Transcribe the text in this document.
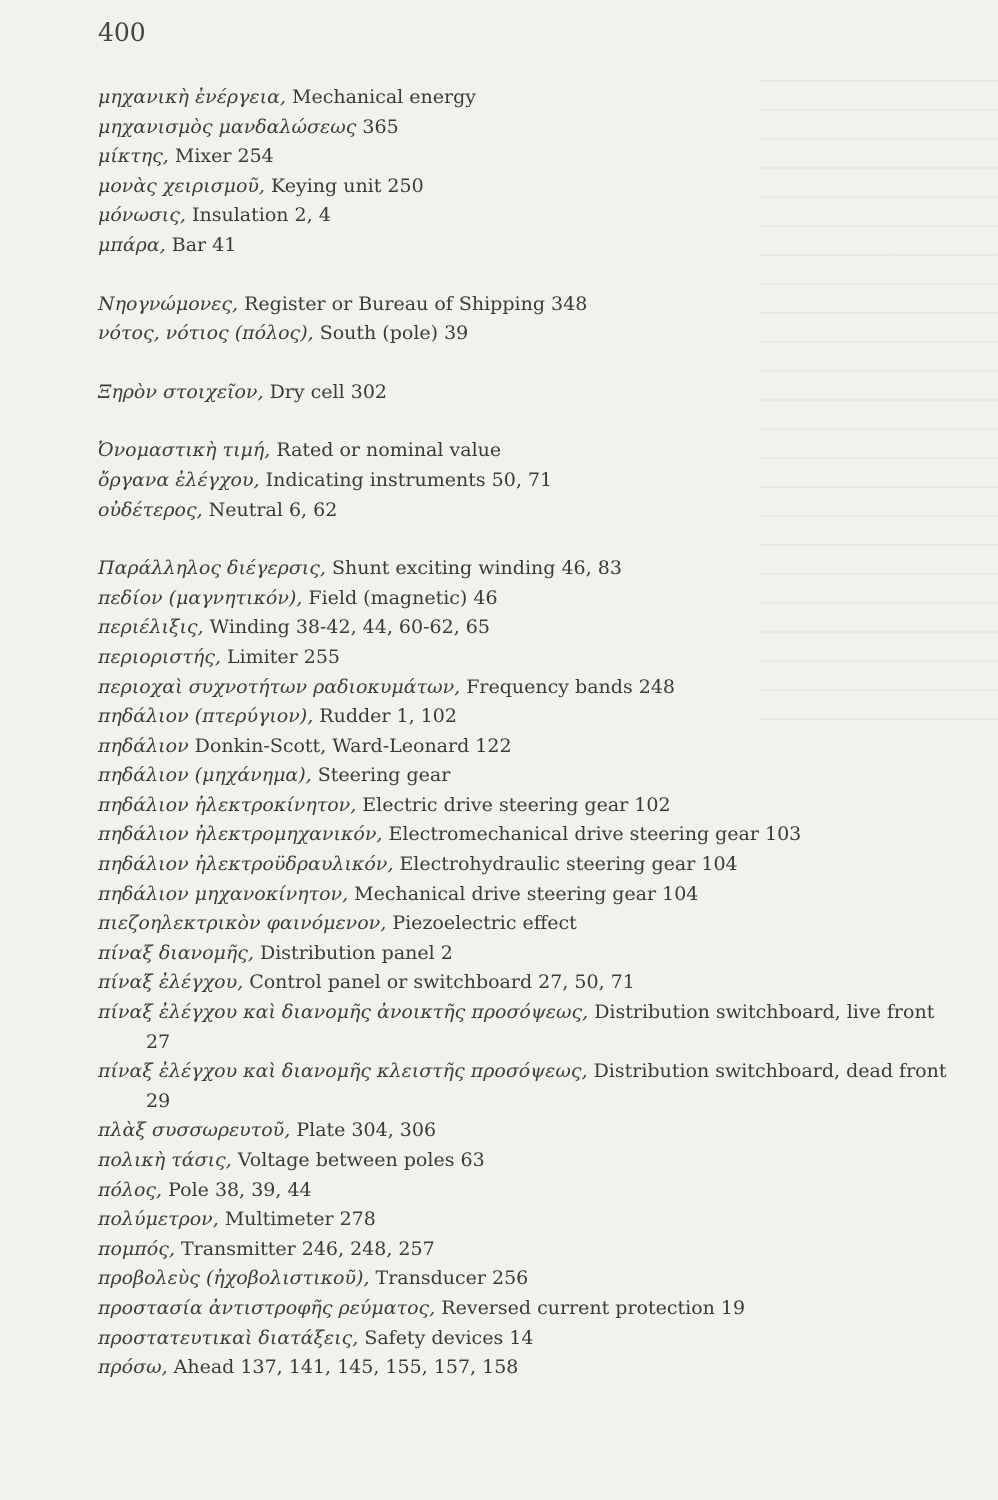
400
μηχανικὴ ἐνέργεια, Mechanical energy
μηχανισμὸς μανδαλώσεως 365
μίκτης, Mixer 254
μονὰς χειρισμοῦ, Keying unit 250
μόνωσις, Insulation 2, 4
μπάρα, Bar 41
Νηογνώμονες, Register or Bureau of Shipping 348
νότος, νότιος (πόλος), South (pole) 39
Ξηρὸν στοιχεῖον, Dry cell 302
Ὀνομαστικὴ τιμή, Rated or nominal value
ὄργανα ἐλέγχου, Indicating instruments 50, 71
οὐδέτερος, Neutral 6, 62
Παράλληλος διέγερσις, Shunt exciting winding 46, 83
πεδίον (μαγνητικόν), Field (magnetic) 46
περιέλιξις, Winding 38-42, 44, 60-62, 65
περιοριστής, Limiter 255
περιοχαὶ συχνοτήτων ραδιοκυμάτων, Frequency bands 248
πηδάλιον (πτερύγιον), Rudder 1, 102
πηδάλιον Donkin-Scott, Ward-Leonard 122
πηδάλιον (μηχάνημα), Steering gear
πηδάλιον ἠλεκτροκίνητον, Electric drive steering gear 102
πηδάλιον ἠλεκτρομηχανικόν, Electromechanical drive steering gear 103
πηδάλιον ἠλεκτροϋδραυλικόν, Electrohydraulic steering gear 104
πηδάλιον μηχανοκίνητον, Mechanical drive steering gear 104
πιεζοηλεκτρικὸν φαινόμενον, Piezoelectric effect
πίναξ διανομῆς, Distribution panel 2
πίναξ ἐλέγχου, Control panel or switchboard 27, 50, 71
πίναξ ἐλέγχου καὶ διανομῆς ἀνοικτῆς προσόψεως, Distribution switchboard, live front 27
πίναξ ἐλέγχου καὶ διανομῆς κλειστῆς προσόψεως, Distribution switchboard, dead front 29
πλὰξ συσσωρευτοῦ, Plate 304, 306
πολικὴ τάσις, Voltage between poles 63
πόλος, Pole 38, 39, 44
πολύμετρον, Multimeter 278
πομπός, Transmitter 246, 248, 257
προβολεὺς (ἠχοβολιστικοῦ), Transducer 256
προστασία ἀντιστροφῆς ρεύματος, Reversed current protection 19
προστατευτικαὶ διατάξεις, Safety devices 14
πρόσω, Ahead 137, 141, 145, 155, 157, 158
